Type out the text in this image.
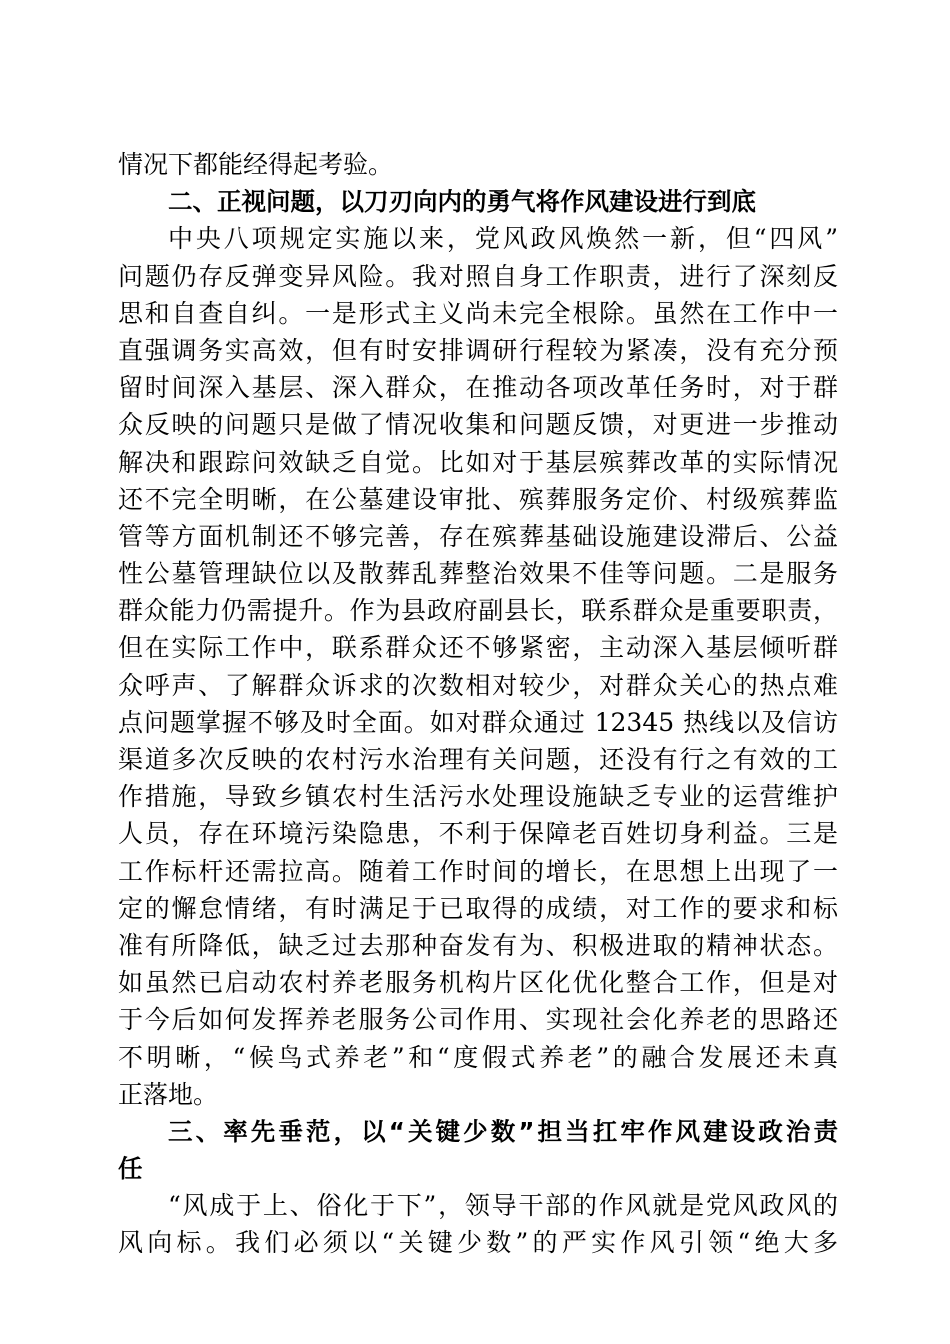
情况下都能经得起考验。
二、正视问题，以刀刃向内的勇气将作风建设进行到底
中央八项规定实施以来，党风政风焕然一新，但“四风”
问题仍存反弹变异风险。我对照自身工作职责，进行了深刻反
思和自查自纠。一是形式主义尚未完全根除。虽然在工作中一
直强调务实高效，但有时安排调研行程较为紧凑，没有充分预
留时间深入基层、深入群众，在推动各项改革任务时，对于群
众反映的问题只是做了情况收集和问题反馈，对更进一步推动
解决和跟踪问效缺乏自觉。比如对于基层殡葬改革的实际情况
还不完全明晰，在公墓建设审批、殡葬服务定价、村级殡葬监
管等方面机制还不够完善，存在殡葬基础设施建设滞后、公益
性公墓管理缺位以及散葬乱葬整治效果不佳等问题。二是服务
群众能力仍需提升。作为县政府副县长，联系群众是重要职责，
但在实际工作中，联系群众还不够紧密，主动深入基层倾听群
众呼声、了解群众诉求的次数相对较少，对群众关心的热点难
点问题掌握不够及时全面。如对群众通过 12345 热线以及信访
渠道多次反映的农村污水治理有关问题，还没有行之有效的工
作措施，导致乡镇农村生活污水处理设施缺乏专业的运营维护
人员，存在环境污染隐患，不利于保障老百姓切身利益。三是
工作标杆还需拉高。随着工作时间的增长，在思想上出现了一
定的懈怠情绪，有时满足于已取得的成绩，对工作的要求和标
准有所降低，缺乏过去那种奋发有为、积极进取的精神状态。
如虽然已启动农村养老服务机构片区化优化整合工作，但是对
于今后如何发挥养老服务公司作用、实现社会化养老的思路还
不明晰，“候鸟式养老”和“度假式养老”的融合发展还未真
正落地。
三、率先垂范，以“关键少数”担当扛牢作风建设政治责
任
“风成于上、俗化于下”，领导干部的作风就是党风政风的
风向标。我们必须以“关键少数”的严实作风引领“绝大多
